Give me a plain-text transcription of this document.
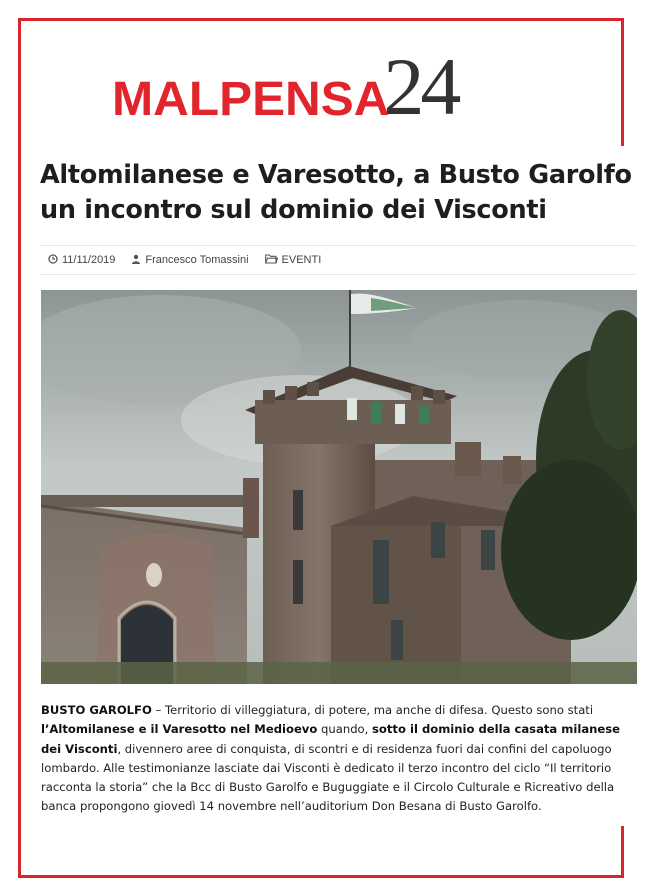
MALPENSA
24
Altomilanese e Varesotto, a Busto Garolfo
un incontro sul dominio dei Visconti
11/11/2019	Francesco Tomassini	EVENTI

BUSTO GAROLFO – Territorio di villeggiatura, di potere, ma anche di difesa. Questo sono stati l’Altomilanese e il Varesotto nel Medioevo quando, sotto il dominio della casata milanese dei Visconti, divennero aree di conquista, di scontri e di residenza fuori dai confini del capoluogo lombardo. Alle testimonianze lasciate dai Visconti è dedicato il terzo incontro del ciclo “Il territorio racconta la storia” che la Bcc di Busto Garolfo e Buguggiate e il Circolo Culturale e Ricreativo della banca propongono giovedì 14 novembre nell’auditorium Don Besana di Busto Garolfo.
